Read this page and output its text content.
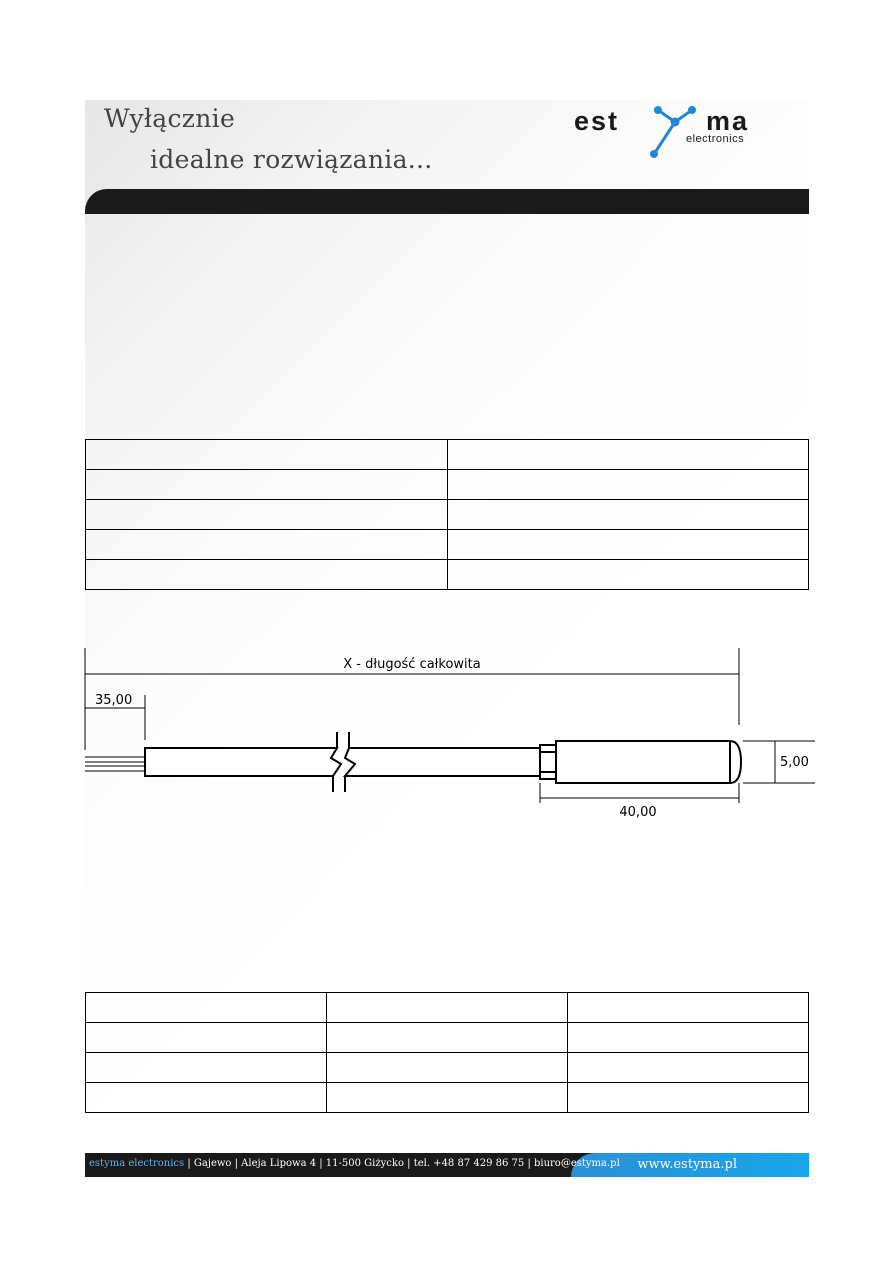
Wyłącznie
idealne rozwiązania...
est	ma
electronics

X - długość całkowita
35,00
40,00
5,00

estyma electronics | Gajewo | Aleja Lipowa 4 | 11-500 Giżycko | tel. +48 87 429 86 75 | biuro@estyma.pl www.estyma.pl
